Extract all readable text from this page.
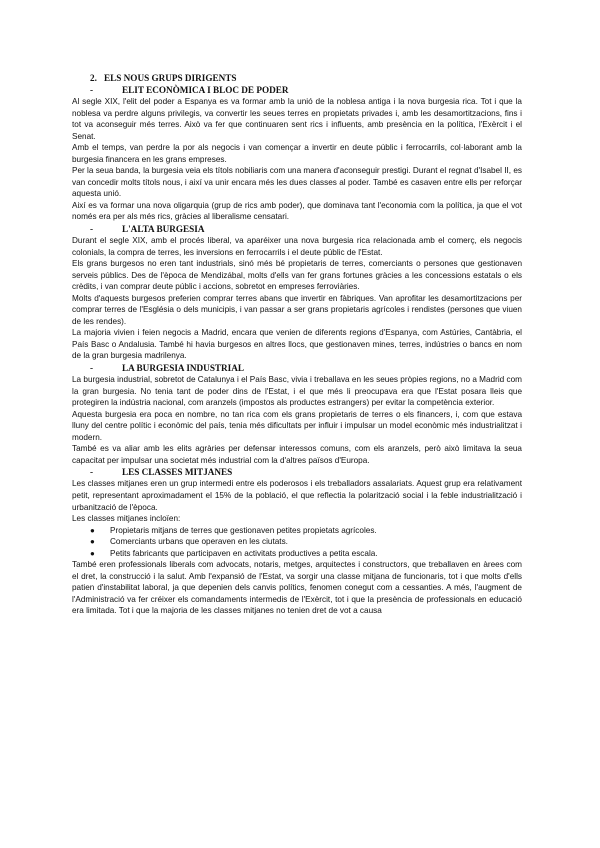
2. ELS NOUS GRUPS DIRIGENTS
-	ELIT ECONÒMICA I BLOC DE PODER

Al segle XIX, l'elit del poder a Espanya es va formar amb la unió de la noblesa antiga i la nova burgesia rica. Tot i que la noblesa va perdre alguns privilegis, va convertir les seues terres en propietats privades i, amb les desamortitzacions, fins i tot va aconseguir més terres. Això va fer que continuaren sent rics i influents, amb presència en la política, l'Exèrcit i el Senat.

Amb el temps, van perdre la por als negocis i van començar a invertir en deute públic i ferrocarrils, col·laborant amb la burgesia financera en les grans empreses.

Per la seua banda, la burgesia veia els títols nobiliaris com una manera d'aconseguir prestigi. Durant el regnat d'Isabel II, es van concedir molts títols nous, i així va unir encara més les dues classes al poder. També es casaven entre ells per reforçar aquesta unió.

Així es va formar una nova oligarquia (grup de rics amb poder), que dominava tant l'economia com la política, ja que el vot només era per als més rics, gràcies al liberalisme censatari.

-	L'ALTA BURGESIA

Durant el segle XIX, amb el procés liberal, va aparéixer una nova burgesia rica relacionada amb el comerç, els negocis colonials, la compra de terres, les inversions en ferrocarrils i el deute públic de l'Estat.

Els grans burgesos no eren tant industrials, sinó més bé propietaris de terres, comerciants o persones que gestionaven serveis públics. Des de l'època de Mendizábal, molts d'ells van fer grans fortunes gràcies a les concessions estatals o els crèdits, i van comprar deute públic i accions, sobretot en empreses ferroviàries.

Molts d'aquests burgesos preferien comprar terres abans que invertir en fàbriques. Van aprofitar les desamortitzacions per comprar terres de l'Església o dels municipis, i van passar a ser grans propietaris agrícoles i rendistes (persones que viuen de les rendes).

La majoria vivien i feien negocis a Madrid, encara que venien de diferents regions d'Espanya, com Astúries, Cantàbria, el País Basc o Andalusia. També hi havia burgesos en altres llocs, que gestionaven mines, terres, indústries o bancs en nom de la gran burgesia madrilenya.

-	LA BURGESIA INDUSTRIAL

La burgesia industrial, sobretot de Catalunya i el País Basc, vivia i treballava en les seues pròpies regions, no a Madrid com la gran burgesia. No tenia tant de poder dins de l'Estat, i el que més li preocupava era que l'Estat posara lleis que protegiren la indústria nacional, com aranzels (impostos als productes estrangers) per evitar la competència exterior.

Aquesta burgesia era poca en nombre, no tan rica com els grans propietaris de terres o els financers, i, com que estava lluny del centre polític i econòmic del país, tenia més dificultats per influir i impulsar un model econòmic més industrialitzat i modern.

També es va aliar amb les elits agràries per defensar interessos comuns, com els aranzels, però això limitava la seua capacitat per impulsar una societat més industrial com la d'altres països d'Europa.

-	LES CLASSES MITJANES

Les classes mitjanes eren un grup intermedi entre els poderosos i els treballadors assalariats. Aquest grup era relativament petit, representant aproximadament el 15% de la població, el que reflectia la polarització social i la feble industrialització i urbanització de l'època.

Les classes mitjanes incloïen:

● Propietaris mitjans de terres que gestionaven petites propietats agrícoles.
● Comerciants urbans que operaven en les ciutats.
● Petits fabricants que participaven en activitats productives a petita escala.

També eren professionals liberals com advocats, notaris, metges, arquitectes i constructors, que treballaven en àrees com el dret, la construcció i la salut. Amb l'expansió de l'Estat, va sorgir una classe mitjana de funcionaris, tot i que molts d'ells patien d'instabilitat laboral, ja que depenien dels canvis polítics, fenomen conegut com a cessanties. A més, l'augment de l'Administració va fer créixer els comandaments intermedis de l'Exèrcit, tot i que la presència de professionals en educació era limitada. Tot i que la majoria de les classes mitjanes no tenien dret de vot a causa
